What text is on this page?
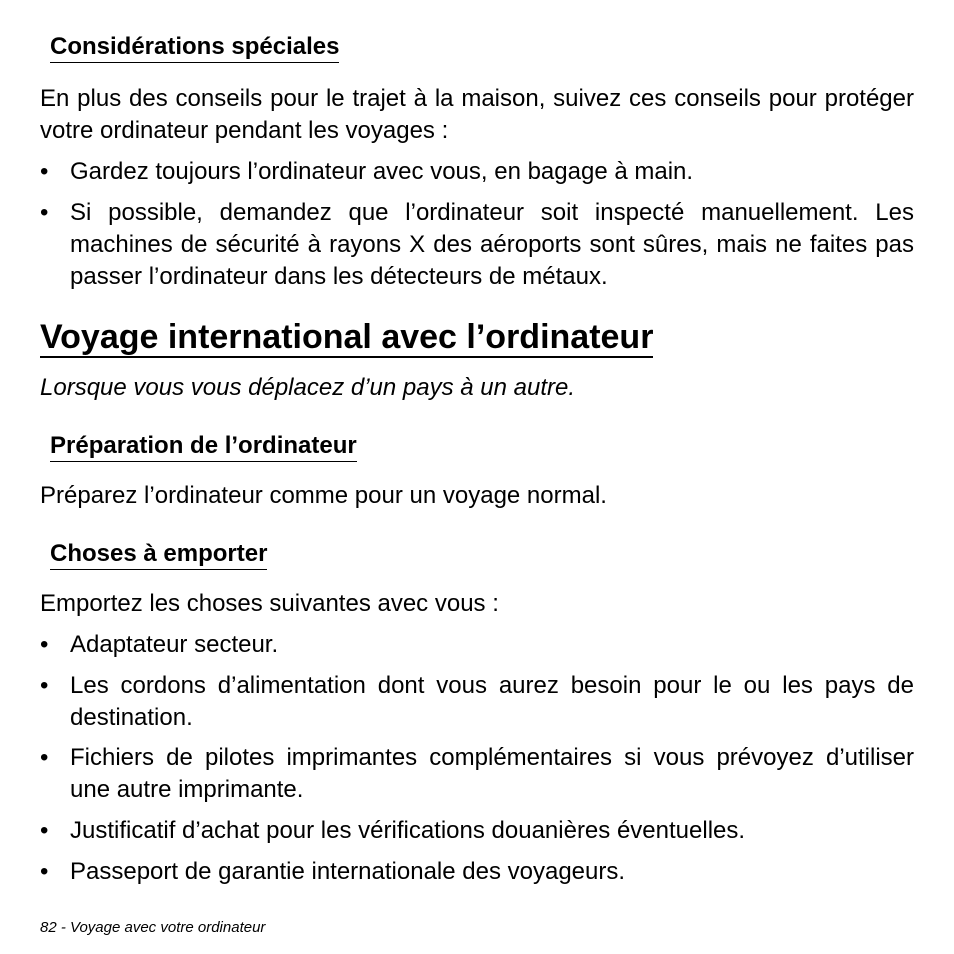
Considérations spéciales
En plus des conseils pour le trajet à la maison, suivez ces conseils pour protéger votre ordinateur pendant les voyages :
• Gardez toujours l’ordinateur avec vous, en bagage à main.
• Si possible, demandez que l’ordinateur soit inspecté manuellement. Les machines de sécurité à rayons X des aéroports sont sûres, mais ne faites pas passer l’ordinateur dans les détecteurs de métaux.
Voyage international avec l’ordinateur
Lorsque vous vous déplacez d’un pays à un autre.
Préparation de l’ordinateur
Préparez l’ordinateur comme pour un voyage normal.
Choses à emporter
Emportez les choses suivantes avec vous :
• Adaptateur secteur.
• Les cordons d’alimentation dont vous aurez besoin pour le ou les pays de destination.
• Fichiers de pilotes imprimantes complémentaires si vous prévoyez d’utiliser une autre imprimante.
• Justificatif d’achat pour les vérifications douanières éventuelles.
• Passeport de garantie internationale des voyageurs.
82 - Voyage avec votre ordinateur
